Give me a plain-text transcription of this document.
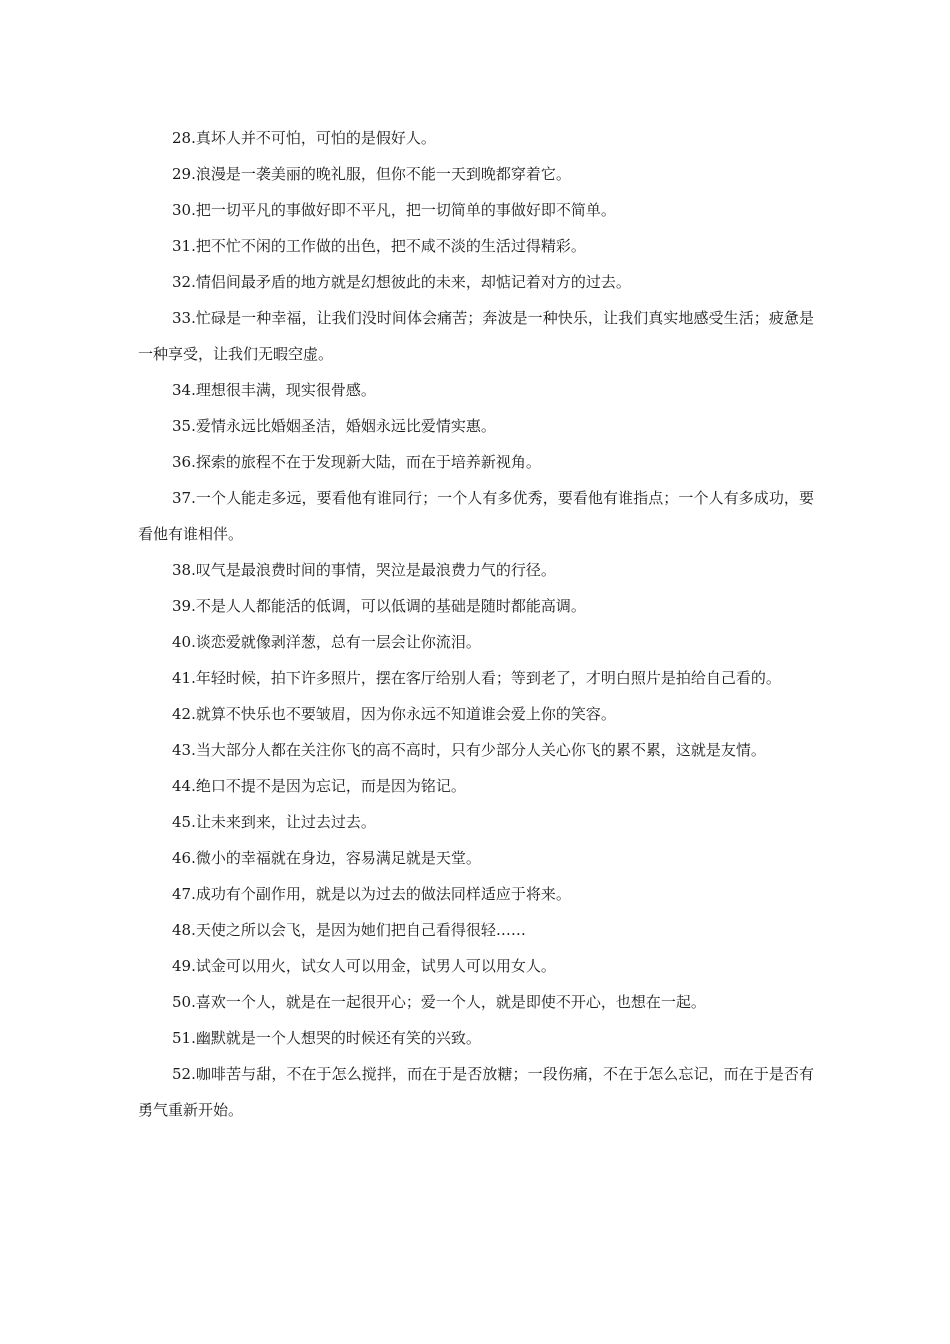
28.真坏人并不可怕，可怕的是假好人。

29.浪漫是一袭美丽的晚礼服，但你不能一天到晚都穿着它。

30.把一切平凡的事做好即不平凡，把一切简单的事做好即不简单。

31.把不忙不闲的工作做的出色，把不咸不淡的生活过得精彩。

32.情侣间最矛盾的地方就是幻想彼此的未来，却惦记着对方的过去。

33.忙碌是一种幸福，让我们没时间体会痛苦；奔波是一种快乐，让我们真实地感受生活；疲惫是一种享受，让我们无暇空虚。

34.理想很丰满，现实很骨感。

35.爱情永远比婚姻圣洁，婚姻永远比爱情实惠。

36.探索的旅程不在于发现新大陆，而在于培养新视角。

37.一个人能走多远，要看他有谁同行；一个人有多优秀，要看他有谁指点；一个人有多成功，要看他有谁相伴。

38.叹气是最浪费时间的事情，哭泣是最浪费力气的行径。

39.不是人人都能活的低调，可以低调的基础是随时都能高调。

40.谈恋爱就像剥洋葱，总有一层会让你流泪。

41.年轻时候，拍下许多照片，摆在客厅给别人看；等到老了，才明白照片是拍给自己看的。

42.就算不快乐也不要皱眉，因为你永远不知道谁会爱上你的笑容。

43.当大部分人都在关注你飞的高不高时，只有少部分人关心你飞的累不累，这就是友情。

44.绝口不提不是因为忘记，而是因为铭记。

45.让未来到来，让过去过去。

46.微小的幸福就在身边，容易满足就是天堂。

47.成功有个副作用，就是以为过去的做法同样适应于将来。

48.天使之所以会飞，是因为她们把自己看得很轻……

49.试金可以用火，试女人可以用金，试男人可以用女人。

50.喜欢一个人，就是在一起很开心；爱一个人，就是即使不开心，也想在一起。

51.幽默就是一个人想哭的时候还有笑的兴致。

52.咖啡苦与甜，不在于怎么搅拌，而在于是否放糖；一段伤痛，不在于怎么忘记，而在于是否有勇气重新开始。
